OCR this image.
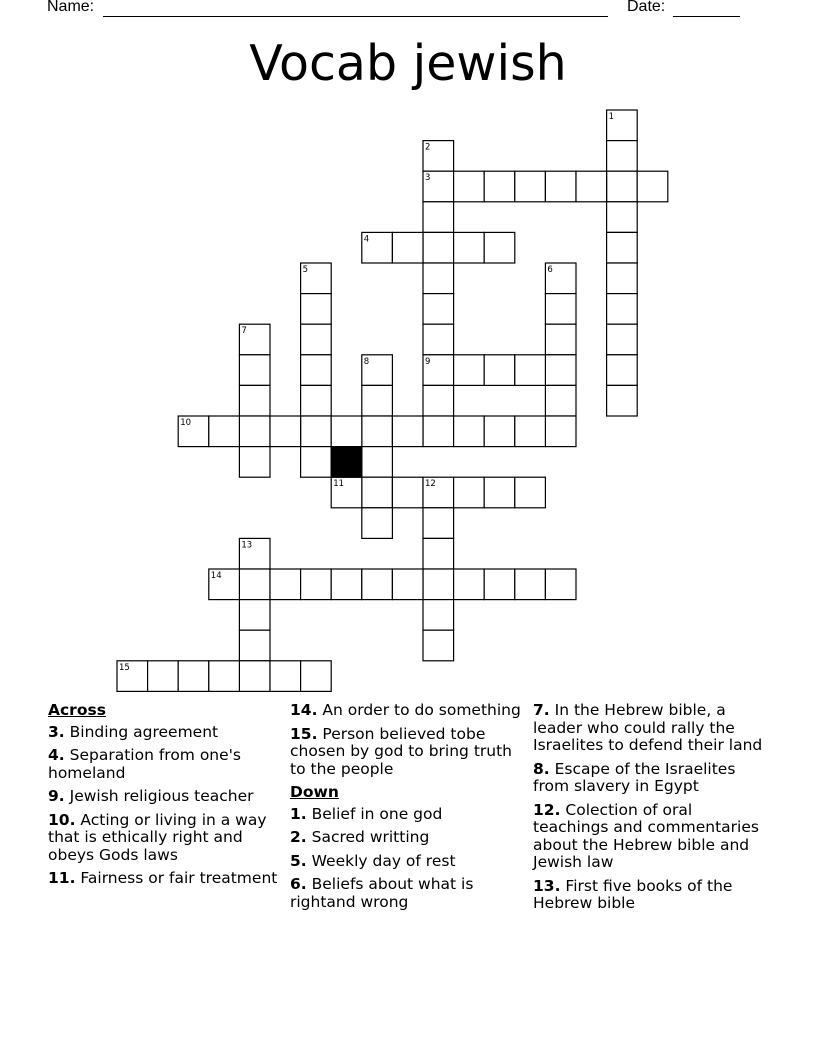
Name:	Date:
Vocab jewish
1
2
3
4
5	6
7
8	9
10
11	12
13
14
15
Across
3. Binding agreement
4. Separation from one's homeland
9. Jewish religious teacher
10. Acting or living in a way that is ethically right and obeys Gods laws
11. Fairness or fair treatment
14. An order to do something
15. Person believed tobe chosen by god to bring truth to the people
Down
1. Belief in one god
2. Sacred writting
5. Weekly day of rest
6. Beliefs about what is rightand wrong
7. In the Hebrew bible, a leader who could rally the Israelites to defend their land
8. Escape of the Israelites from slavery in Egypt
12. Colection of oral teachings and commentaries about the Hebrew bible and Jewish law
13. First five books of the Hebrew bible
